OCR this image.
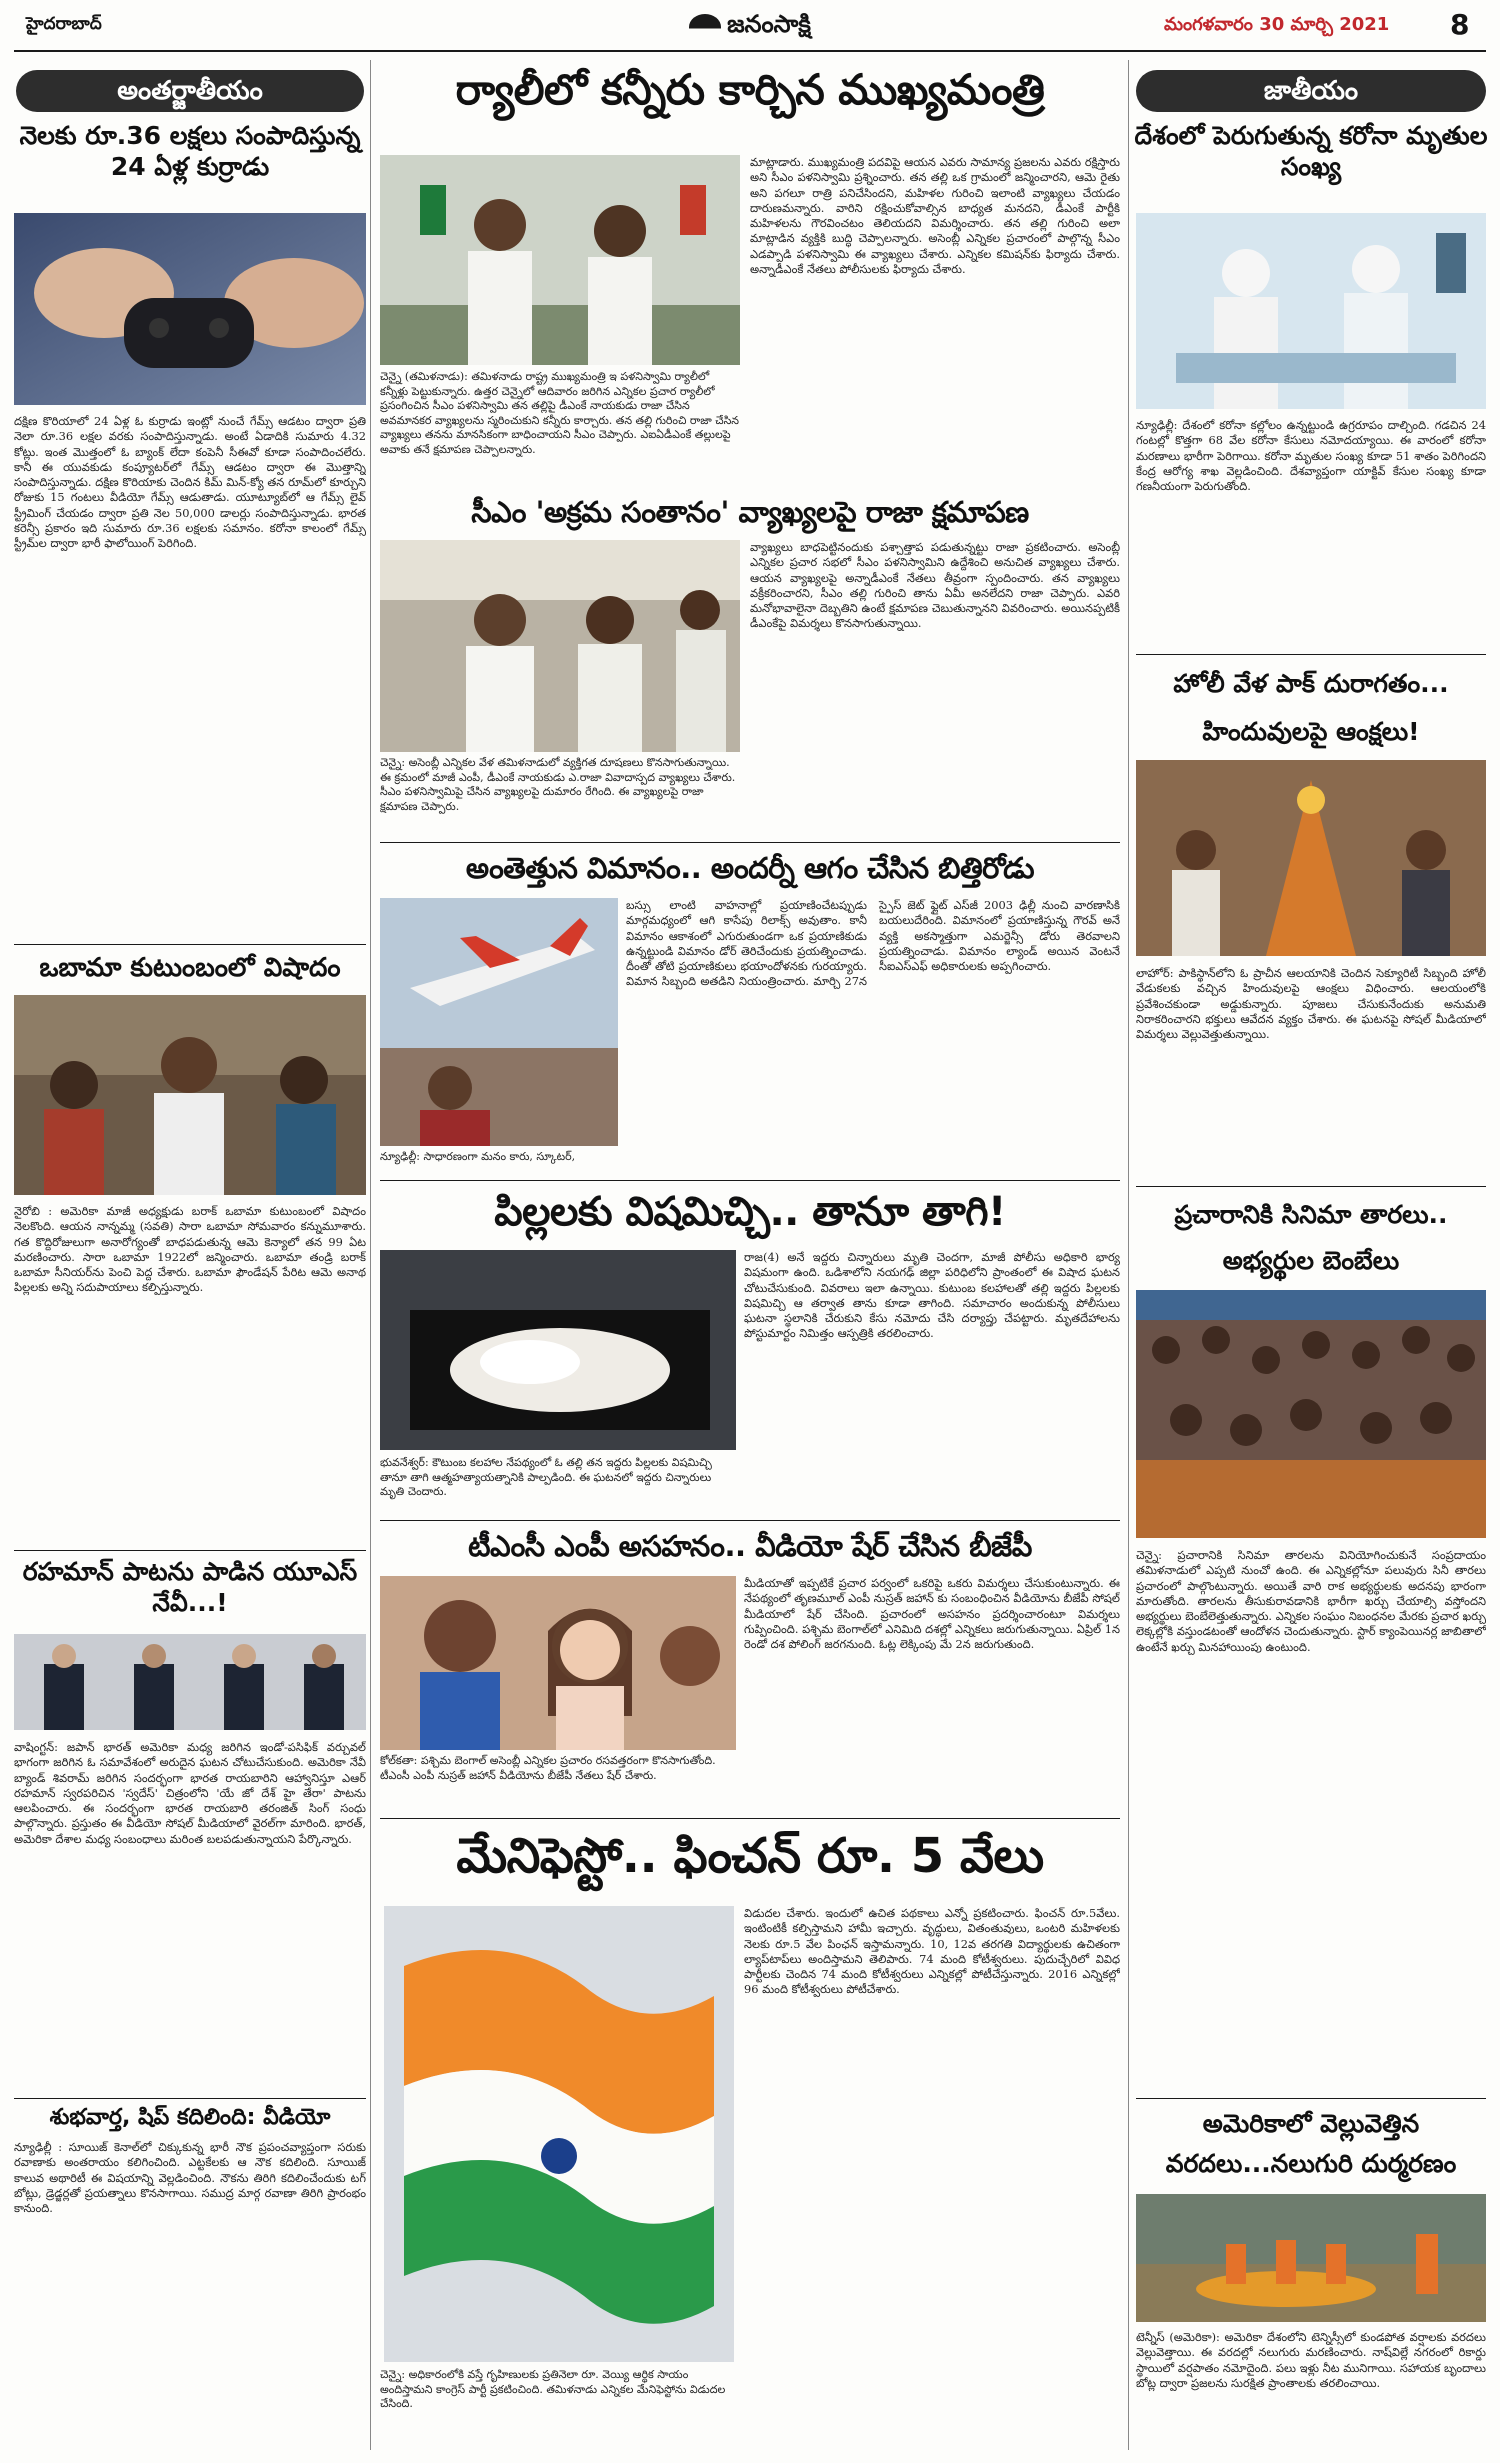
హైదరాబాద్	జనంసాక్షి	మంగళవారం 30 మార్చి 2021 8
అంతర్జాతీయం
నెలకు రూ.36 లక్షలు సంపాదిస్తున్న 24 ఏళ్ల కుర్రాడు
దక్షిణ కొరియాలో 24 ఏళ్ల ఓ కుర్రాడు ఇంట్లో నుంచే గేమ్స్ ఆడటం ద్వారా ప్రతి నెలా రూ.36 లక్షల వరకు సంపాదిస్తున్నాడు. అంటే ఏడాదికి సుమారు 4.32 కోట్లు. ఇంత మొత్తంలో ఓ బ్యాంక్ లేదా కంపెనీ సీఈవో కూడా సంపాదించలేరు. కానీ ఈ యువకుడు కంప్యూటర్‌లో గేమ్స్ ఆడటం ద్వారా ఈ మొత్తాన్ని సంపాదిస్తున్నాడు. దక్షిణ కొరియాకు చెందిన కిమ్ మిన్-క్యో తన రూమ్‌లో కూర్చుని రోజుకు 15 గంటలు వీడియో గేమ్స్ ఆడుతాడు. యూట్యూబ్‌లో ఆ గేమ్స్ లైవ్ స్ట్రీమింగ్ చేయడం ద్వారా ప్రతి నెల 50,000 డాలర్లు సంపాదిస్తున్నాడు. భారత కరెన్సీ ప్రకారం ఇది సుమారు రూ.36 లక్షలకు సమానం. కరోనా కాలంలో గేమ్స్ స్ట్రీమ్‌ల ద్వారా భారీ ఫాలోయింగ్ పెరిగింది.
ఒబామా కుటుంబంలో విషాదం
నైరోబి : అమెరికా మాజీ అధ్యక్షుడు బరాక్ ఒబామా కుటుంబంలో విషాదం నెలకొంది. ఆయన నాన్నమ్మ (సవతి) సారా ఒబామా సోమవారం కన్నుమూశారు. గత కొద్దిరోజులుగా అనారోగ్యంతో బాధపడుతున్న ఆమె కెన్యాలో తన 99 ఏట మరణించారు. సారా ఒబామా 1922లో జన్మించారు. ఒబామా తండ్రి బరాక్ ఒబామా సీనియర్‌ను పెంచి పెద్ద చేశారు. ఒబామా ఫౌండేషన్ పేరిట ఆమె అనాథ పిల్లలకు అన్ని సదుపాయాలు కల్పిస్తున్నారు.
రహమాన్ పాటను పాడిన యూఎస్ నేవీ...!
వాషింగ్టన్: జపాన్ భారత్ అమెరికా మధ్య జరిగిన ఇండో-పసిఫిక్ వర్చువల్ భాగంగా జరిగిన ఓ సమావేశంలో అరుదైన ఘటన చోటుచేసుకుంది. అమెరికా నేవీ బ్యాండ్ శివరామ్ జరిగిన సందర్భంగా భారత రాయబారిని ఆహ్వానిస్తూ ఎఆర్ రహమాన్ స్వరపరిచిన 'స్వదేస్' చిత్రంలోని 'యే జో దేశ్ హై తేరా' పాటను ఆలపించారు. ఈ సందర్భంగా భారత రాయబారి తరంజిత్ సింగ్ సంధు పాల్గొన్నారు. ప్రస్తుతం ఈ వీడియో సోషల్ మీడియాలో వైరల్‌గా మారింది. భారత్, అమెరికా దేశాల మధ్య సంబంధాలు మరింత బలపడుతున్నాయని పేర్కొన్నారు.
శుభవార్త, షిప్ కదిలింది: వీడియో
న్యూఢిల్లీ : సూయిజ్ కెనాల్‌లో చిక్కుకున్న భారీ నౌక ప్రపంచవ్యాప్తంగా సరుకు రవాణాకు అంతరాయం కలిగించింది. ఎట్టకేలకు ఆ నౌక కదిలింది. సూయిజ్ కాలువ అథారిటీ ఈ విషయాన్ని వెల్లడించింది. నౌకను తిరిగి కదిలించేందుకు టగ్ బోట్లు, డ్రెడ్జర్లతో ప్రయత్నాలు కొనసాగాయి. సముద్ర మార్గ రవాణా తిరిగి ప్రారంభం కానుంది.
ర్యాలీలో కన్నీరు కార్చిన ముఖ్యమంత్రి
చెన్నై (తమిళనాడు): తమిళనాడు రాష్ట్ర ముఖ్యమంత్రి ఇ పళనిస్వామి ర్యాలీలో కన్నీళ్లు పెట్టుకున్నారు. ఉత్తర చెన్నైలో ఆదివారం జరిగిన ఎన్నికల ప్రచార ర్యాలీలో ప్రసంగించిన సీఎం పళనిస్వామి తన తల్లిపై డీఎంకే నాయకుడు రాజా చేసిన అవమానకర వ్యాఖ్యలను స్మరించుకుని కన్నీరు కార్చారు. తన తల్లి గురించి రాజా చేసిన వ్యాఖ్యలు తనను మానసికంగా బాధించాయని సీఎం చెప్పారు. ఎఐఏడీఎంకే తల్లులపై అవాకు తనే క్షమాపణ చెప్పాలన్నారు.
మాట్లాడారు. ముఖ్యమంత్రి పదవిపై ఆయన ఎవరు సామాన్య ప్రజలను ఎవరు రక్షిస్తారు అని సీఎం పళనిస్వామి ప్రశ్నించారు. తన తల్లి ఒక గ్రామంలో జన్మించారని, ఆమె రైతు అని పగలూ రాత్రి పనిచేసిందని, మహిళల గురించి ఇలాంటి వ్యాఖ్యలు చేయడం దారుణమన్నారు. వారిని రక్షించుకోవాల్సిన బాధ్యత మనదని, డీఎంకే పార్టీకి మహిళలను గౌరవించటం తెలియదని విమర్శించారు. తన తల్లి గురించి అలా మాట్లాడిన వ్యక్తికి బుద్ధి చెప్పాలన్నారు. అసెంబ్లీ ఎన్నికల ప్రచారంలో పాల్గొన్న సీఎం ఎడప్పాడి పళనిస్వామి ఈ వ్యాఖ్యలు చేశారు. ఎన్నికల కమిషన్‌కు ఫిర్యాదు చేశారు. అన్నాడీఎంకే నేతలు పోలీసులకు ఫిర్యాదు చేశారు.
సీఎం 'అక్రమ సంతానం' వ్యాఖ్యలపై రాజా క్షమాపణ
చెన్నై: అసెంబ్లీ ఎన్నికల వేళ తమిళనాడులో వ్యక్తిగత దూషణలు కొనసాగుతున్నాయి. ఈ క్రమంలో మాజీ ఎంపీ, డీఎంకే నాయకుడు ఎ.రాజా వివాదాస్పద వ్యాఖ్యలు చేశారు. సీఎం పళనిస్వామిపై చేసిన వ్యాఖ్యలపై దుమారం రేగింది. ఈ వ్యాఖ్యలపై రాజా క్షమాపణ చెప్పారు.
వ్యాఖ్యలు బాధపెట్టినందుకు పశ్చాత్తాప పడుతున్నట్టు రాజా ప్రకటించారు. అసెంబ్లీ ఎన్నికల ప్రచార సభలో సీఎం పళనిస్వామిని ఉద్దేశించి అనుచిత వ్యాఖ్యలు చేశారు. ఆయన వ్యాఖ్యలపై అన్నాడీఎంకే నేతలు తీవ్రంగా స్పందించారు. తన వ్యాఖ్యలు వక్రీకరించారని, సీఎం తల్లి గురించి తాను ఏమీ అనలేదని రాజా చెప్పారు. ఎవరి మనోభావాలైనా దెబ్బతిని ఉంటే క్షమాపణ చెబుతున్నానని వివరించారు. అయినప్పటికీ డీఎంకేపై విమర్శలు కొనసాగుతున్నాయి.
అంతెత్తున విమానం.. అందర్నీ ఆగం చేసిన బిత్తిరోడు
న్యూఢిల్లీ: సాధారణంగా మనం కారు, స్కూటర్,
బస్సు లాంటి వాహనాల్లో ప్రయాణించేటప్పుడు మార్గమధ్యంలో ఆగి కాసేపు రిలాక్స్ అవుతాం. కానీ విమానం ఆకాశంలో ఎగురుతుండగా ఒక ప్రయాణికుడు ఉన్నట్టుండి విమానం డోర్ తెరిచేందుకు ప్రయత్నించాడు. దీంతో తోటి ప్రయాణికులు భయాందోళనకు గురయ్యారు. విమాన సిబ్బంది అతడిని నియంత్రించారు. మార్చి 27న స్పైస్ జెట్ ఫ్లైట్ ఎస్‌జీ 2003 ఢిల్లీ నుంచి వారణాసికి బయలుదేరింది. విమానంలో ప్రయాణిస్తున్న గౌరవ్ అనే వ్యక్తి అకస్మాత్తుగా ఎమర్జెన్సీ డోరు తెరవాలని ప్రయత్నించాడు. విమానం ల్యాండ్ అయిన వెంటనే సీఐఎస్ఎఫ్ అధికారులకు అప్పగించారు.
పిల్లలకు విషమిచ్చి.. తానూ తాగి!
భువనేశ్వర్: కౌటుంబ కలహాల నేపథ్యంలో ఓ తల్లి తన ఇద్దరు పిల్లలకు విషమిచ్చి తానూ తాగి ఆత్మహత్యాయత్నానికి పాల్పడింది. ఈ ఘటనలో ఇద్దరు చిన్నారులు మృతి చెందారు.
రాజ(4) అనే ఇద్దరు చిన్నారులు మృతి చెందగా, మాజీ పోలీసు అధికారి భార్య విషమంగా ఉంది. ఒడిశాలోని నయగఢ్ జిల్లా పరిధిలోని ప్రాంతంలో ఈ విషాద ఘటన చోటుచేసుకుంది. వివరాలు ఇలా ఉన్నాయి. కుటుంబ కలహాలతో తల్లి ఇద్దరు పిల్లలకు విషమిచ్చి ఆ తర్వాత తాను కూడా తాగింది. సమాచారం అందుకున్న పోలీసులు ఘటనా స్థలానికి చేరుకుని కేసు నమోదు చేసి దర్యాప్తు చేపట్టారు. మృతదేహాలను పోస్టుమార్టం నిమిత్తం ఆస్పత్రికి తరలించారు.
టీఎంసీ ఎంపీ అసహనం.. వీడియో షేర్ చేసిన బీజేపీ
కోల్‌కతా: పశ్చిమ బెంగాల్ అసెంబ్లీ ఎన్నికల ప్రచారం రసవత్తరంగా కొనసాగుతోంది. టీఎంసీ ఎంపీ నుస్రత్ జహాన్ వీడియోను బీజేపీ నేతలు షేర్ చేశారు.
మీడియాతో ఇప్పటికే ప్రచార పర్వంలో ఒకరిపై ఒకరు విమర్శలు చేసుకుంటున్నారు. ఈ నేపథ్యంలో తృణమూల్ ఎంపీ నుస్రత్ జహాన్ కు సంబంధించిన వీడియోను బీజేపీ సోషల్ మీడియాలో షేర్ చేసింది. ప్రచారంలో అసహనం ప్రదర్శించారంటూ విమర్శలు గుప్పించింది. పశ్చిమ బెంగాల్‌లో ఎనిమిది దశల్లో ఎన్నికలు జరుగుతున్నాయి. ఏప్రిల్ 1న రెండో దశ పోలింగ్ జరగనుంది. ఓట్ల లెక్కింపు మే 2న జరుగుతుంది.
మేనిఫెస్టో.. ఫించన్ రూ. 5 వేలు
చెన్నై: అధికారంలోకి వస్తే గృహిణులకు ప్రతినెలా రూ. వెయ్యి ఆర్థిక సాయం అందిస్తామని కాంగ్రెస్ పార్టీ ప్రకటించింది. తమిళనాడు ఎన్నికల మేనిఫెస్టోను విడుదల చేసింది.
విడుదల చేశారు. ఇందులో ఉచిత పథకాలు ఎన్నో ప్రకటించారు. ఫించన్ రూ.5వేలు. ఇంటింటికీ కల్పిస్తామని హామీ ఇచ్చారు. వృద్ధులు, వితంతువులు, ఒంటరి మహిళలకు నెలకు రూ.5 వేల పింఛన్ ఇస్తామన్నారు. 10, 12వ తరగతి విద్యార్థులకు ఉచితంగా ల్యాప్‌టాప్‌లు అందిస్తామని తెలిపారు. 74 మంది కోటీశ్వరులు. పుదుచ్చేరిలో వివిధ పార్టీలకు చెందిన 74 మంది కోటీశ్వరులు ఎన్నికల్లో పోటీచేస్తున్నారు. 2016 ఎన్నికల్లో 96 మంది కోటీశ్వరులు పోటీచేశారు.
జాతీయం
దేశంలో పెరుగుతున్న కరోనా మృతుల సంఖ్య
న్యూఢిల్లీ: దేశంలో కరోనా కల్లోలం ఉన్నట్టుండి ఉగ్రరూపం దాల్చింది. గడచిన 24 గంటల్లో కొత్తగా 68 వేల కరోనా కేసులు నమోదయ్యాయి. ఈ వారంలో కరోనా మరణాలు భారీగా పెరిగాయి. కరోనా మృతుల సంఖ్య కూడా 51 శాతం పెరిగిందని కేంద్ర ఆరోగ్య శాఖ వెల్లడించింది. దేశవ్యాప్తంగా యాక్టివ్ కేసుల సంఖ్య కూడా గణనీయంగా పెరుగుతోంది.
హోలీ వేళ పాక్ దురాగతం... హిందువులపై ఆంక్షలు!
లాహోర్: పాకిస్థాన్‌లోని ఓ ప్రాచీన ఆలయానికి చెందిన సెక్యూరిటీ సిబ్బంది హోలీ వేడుకలకు వచ్చిన హిందువులపై ఆంక్షలు విధించారు. ఆలయంలోకి ప్రవేశించకుండా అడ్డుకున్నారు. పూజలు చేసుకునేందుకు అనుమతి నిరాకరించారని భక్తులు ఆవేదన వ్యక్తం చేశారు. ఈ ఘటనపై సోషల్ మీడియాలో విమర్శలు వెల్లువెత్తుతున్నాయి.
ప్రచారానికి సినిమా తారలు.. అభ్యర్థుల బెంబేలు
చెన్నై: ప్రచారానికి సినిమా తారలను వినియోగించుకునే సంప్రదాయం తమిళనాడులో ఎప్పటి నుంచో ఉంది. ఈ ఎన్నికల్లోనూ పలువురు సినీ తారలు ప్రచారంలో పాల్గొంటున్నారు. అయితే వారి రాక అభ్యర్థులకు అదనపు భారంగా మారుతోంది. తారలను తీసుకురావడానికి భారీగా ఖర్చు చేయాల్సి వస్తోందని అభ్యర్థులు బెంబేలెత్తుతున్నారు. ఎన్నికల సంఘం నిబంధనల మేరకు ప్రచార ఖర్చు లెక్కల్లోకి వస్తుండటంతో ఆందోళన చెందుతున్నారు. స్టార్ క్యాంపెయినర్ల జాబితాలో ఉంటేనే ఖర్చు మినహాయింపు ఉంటుంది.
అమెరికాలో వెల్లువెత్తిన వరదలు...నలుగురి దుర్మరణం
టెన్నీస్ (అమెరికా): అమెరికా దేశంలోని టెన్నిస్సీలో కుండపోత వర్షాలకు వరదలు వెల్లువెత్తాయి. ఈ వరదల్లో నలుగురు మరణించారు. నాష్‌విల్లే నగరంలో రికార్డు స్థాయిలో వర్షపాతం నమోదైంది. పలు ఇళ్లు నీట మునిగాయి. సహాయక బృందాలు బోట్ల ద్వారా ప్రజలను సురక్షిత ప్రాంతాలకు తరలించాయి.
